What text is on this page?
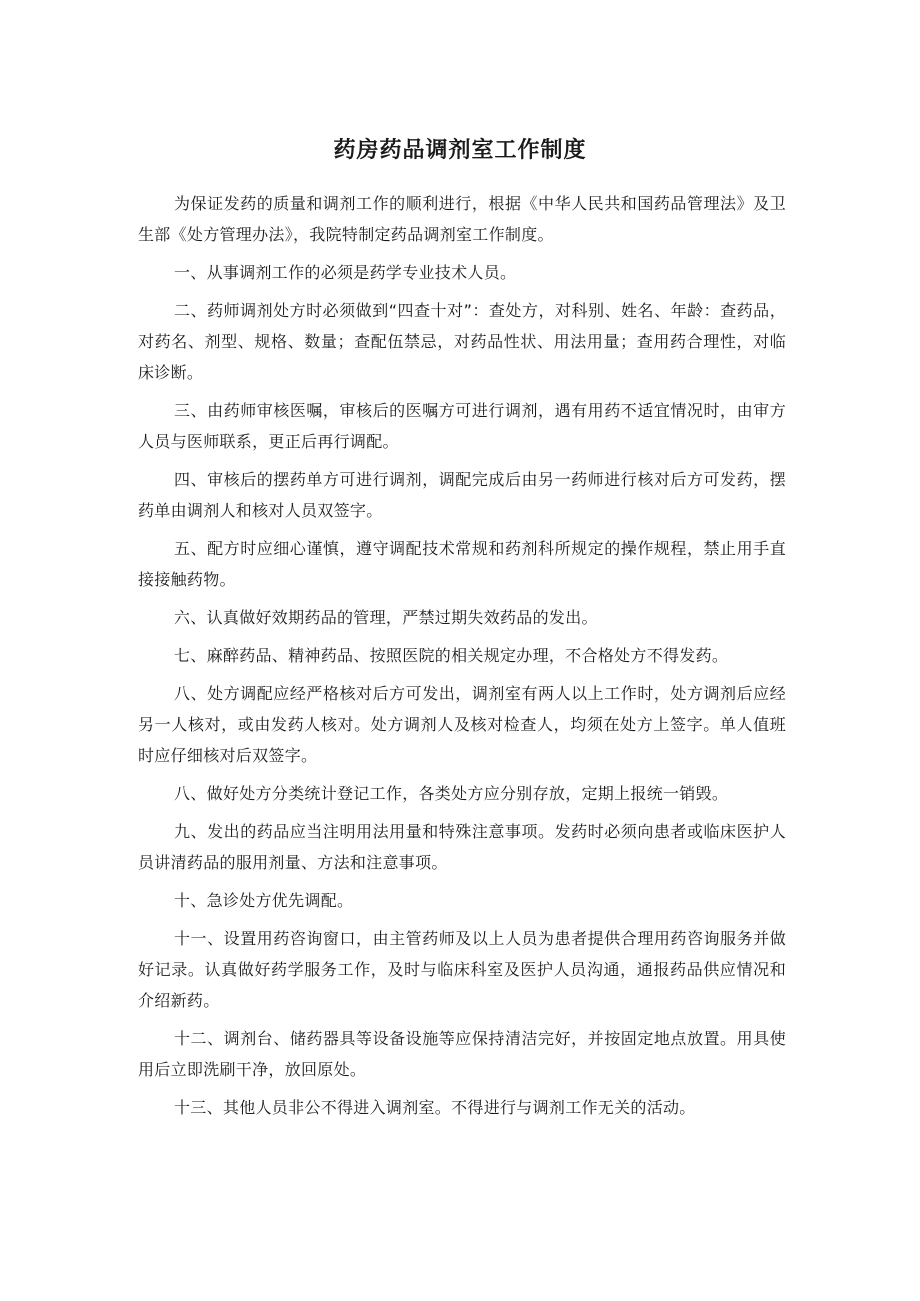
药房药品调剂室工作制度

为保证发药的质量和调剂工作的顺利进行，根据《中华人民共和国药品管理法》及卫生部《处方管理办法》，我院特制定药品调剂室工作制度。

一、从事调剂工作的必须是药学专业技术人员。

二、药师调剂处方时必须做到“四查十对”：查处方，对科别、姓名、年龄：查药品，对药名、剂型、规格、数量；查配伍禁忌，对药品性状、用法用量；查用药合理性，对临床诊断。

三、由药师审核医嘱，审核后的医嘱方可进行调剂，遇有用药不适宜情况时，由审方人员与医师联系，更正后再行调配。

四、审核后的摆药单方可进行调剂，调配完成后由另一药师进行核对后方可发药，摆药单由调剂人和核对人员双签字。

五、配方时应细心谨慎，遵守调配技术常规和药剂科所规定的操作规程，禁止用手直接接触药物。

六、认真做好效期药品的管理，严禁过期失效药品的发出。

七、麻醉药品、精神药品、按照医院的相关规定办理，不合格处方不得发药。

八、处方调配应经严格核对后方可发出，调剂室有两人以上工作时，处方调剂后应经另一人核对，或由发药人核对。处方调剂人及核对检查人，均须在处方上签字。单人值班时应仔细核对后双签字。

八、做好处方分类统计登记工作，各类处方应分别存放，定期上报统一销毁。

九、发出的药品应当注明用法用量和特殊注意事项。发药时必须向患者或临床医护人员讲清药品的服用剂量、方法和注意事项。

十、急诊处方优先调配。

十一、设置用药咨询窗口，由主管药师及以上人员为患者提供合理用药咨询服务并做好记录。认真做好药学服务工作，及时与临床科室及医护人员沟通，通报药品供应情况和介绍新药。

十二、调剂台、储药器具等设备设施等应保持清洁完好，并按固定地点放置。用具使用后立即洗刷干净，放回原处。

十三、其他人员非公不得进入调剂室。不得进行与调剂工作无关的活动。
